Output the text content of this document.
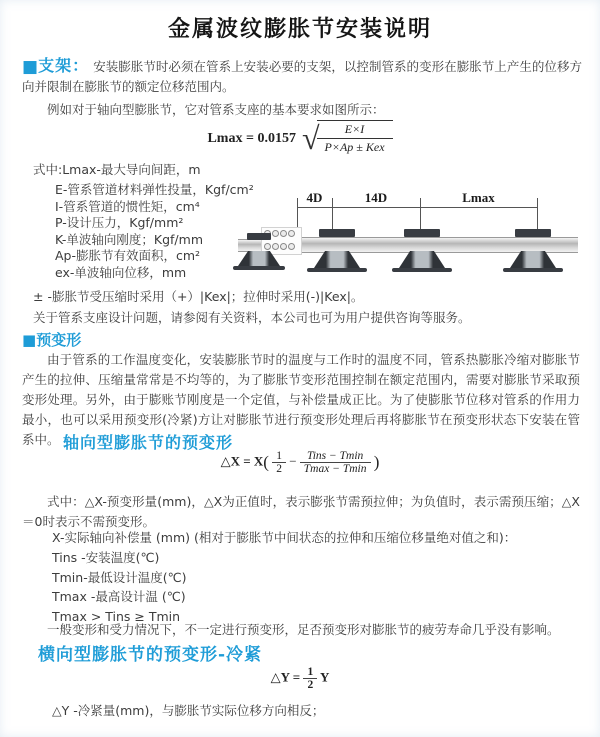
金属波纹膨胀节安装说明
■支架： 安装膨胀节时必须在管系上安装必要的支架，以控制管系的变形在膨胀节上产生的位移方向并限制在膨胀节的额定位移范围内。
例如对于轴向型膨胀节，它对管系支座的基本要求如图所示：
Lmax = 0.0157 √
$\frac{E\times I}{\text{P×Ap ± Kex}}$
式中:Lmax-最大导向间距，m
E-管系管道材料弹性投量，Kgf/cm²
I-管系管道的惯性矩，cm⁴
P-设计压力，Kgf/mm²
K-单波轴向刚度；Kgf/mm
Ap-膨胀节有效面积，cm²
ex-单波轴向位移，mm
± -膨胀节受压缩时采用（+）|Kex|；拉伸时采用(-)|Kex|。
关于管系支座设计问题，请参阅有关资料，本公司也可为用户提供咨询等服务。
4D	14D	Lmax
■预变形
由于管系的工作温度变化，安装膨胀节时的温度与工作时的温度不同，管系热膨胀冷缩对膨胀节产生的拉伸、压缩量常常是不均等的，为了膨胀节变形范围控制在额定范围内，需要对膨胀节采取预变形处理。另外，由于膨账节刚度是一个定值，与补偿量成正比。为了使膨胀节位移对管系的作用力最小，也可以采用预变形(冷紧)方让对膨胀节进行预变形处理后再将膨胀节在预变形状态下安装在管系中。 轴向型膨胀节的预变形
△X = $X( \frac{1}{2} - \frac{\text{Tins − Tmin}}{Tmax - Tmin}$ )
式中：△X-预变形量(mm)，△X为正值时，表示膨张节需预拉伸；为负值时，表示需预压缩；△X＝0时表示不需预变形。
X-实际轴向补偿量 (mm) (相对于膨胀节中间状态的拉伸和压缩位移量绝对值之和)：
Tins -安装温度(℃)
Tmin-最低设计温度(℃)
Tmax -最高设计温 (℃)
Tmax > Tins ≥ Tmin
一般变形和受力情况下，不一定进行预变形，足否预变形对膨胀节的疲劳寿命几乎没有影响。
横向型膨胀节的预变形-冷紧
△Y = $\frac{1}{2}$ Y
△Y -冷紧量(mm)，与膨胀节实际位移方向相反；
